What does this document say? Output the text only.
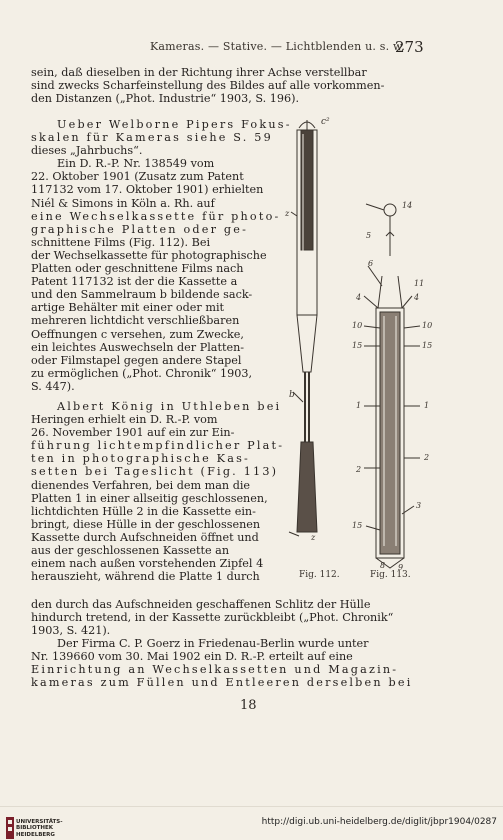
Kameras. — Stative. — Lichtblenden u. s. w.
273
sein, daß dieselben in der Richtung ihrer Achse verstellbar
sind zwecks Scharfeinstellung des Bildes auf alle vorkommen-
den Distanzen („Phot. Industrie“ 1903, S. 196).
Ueber Welborne Pipers Fokus-
skalen für Kameras siehe S. 59
dieses „Jahrbuchs“.
Ein D. R.-P. Nr. 138549 vom
22. Oktober 1901 (Zusatz zum Patent
117132 vom 17. Oktober 1901) erhielten
Niél & Simons in Köln a. Rh. auf
eine Wechselkassette für photo-
graphische Platten oder ge-
schnittene Films (Fig. 112). Bei
der Wechselkassette für photographische
Platten oder geschnittene Films nach
Patent 117132 ist der die Kassette a
und den Sammelraum b bildende sack-
artige Behälter mit einer oder mit
mehreren lichtdicht verschließbaren
Oeffnungen c versehen, zum Zwecke,
ein leichtes Auswechseln der Platten-
oder Filmstapel gegen andere Stapel
zu ermöglichen („Phot. Chronik“ 1903,
S. 447).
Albert König in Uthleben bei
Heringen erhielt ein D. R.-P. vom
26. November 1901 auf ein zur Ein-
führung lichtempfindlicher Plat-
ten in photographische Kas-
setten bei Tageslicht (Fig. 113)
dienendes Verfahren, bei dem man die
Platten 1 in einer allseitig geschlossenen,
lichtdichten Hülle 2 in die Kassette ein-
bringt, diese Hülle in der geschlossenen
Kassette durch Aufschneiden öffnet und
aus der geschlossenen Kassette an
einem nach außen vorstehenden Zipfel 4
herauszieht, während die Platte 1 durch
den durch das Aufschneiden geschaffenen Schlitz der Hülle
hindurch tretend, in der Kassette zurückbleibt („Phot. Chronik“
1903, S. 421).
Der Firma C. P. Goerz in Friedenau-Berlin wurde unter
Nr. 139660 vom 30. Mai 1902 ein D. R.-P. erteilt auf eine
Einrichtung an Wechselkassetten und Magazin-
kameras zum Füllen und Entleeren derselben bei
c²
z
b
z
Fig. 112.
14
5
6
11
4	4
10	10
15	15
1	1
2
2
3
15
8 9
Fig. 113.
18
UNIVERSITÄTS-
BIBLIOTHEK
HEIDELBERG
http://digi.ub.uni-heidelberg.de/diglit/jbpr1904/0287
